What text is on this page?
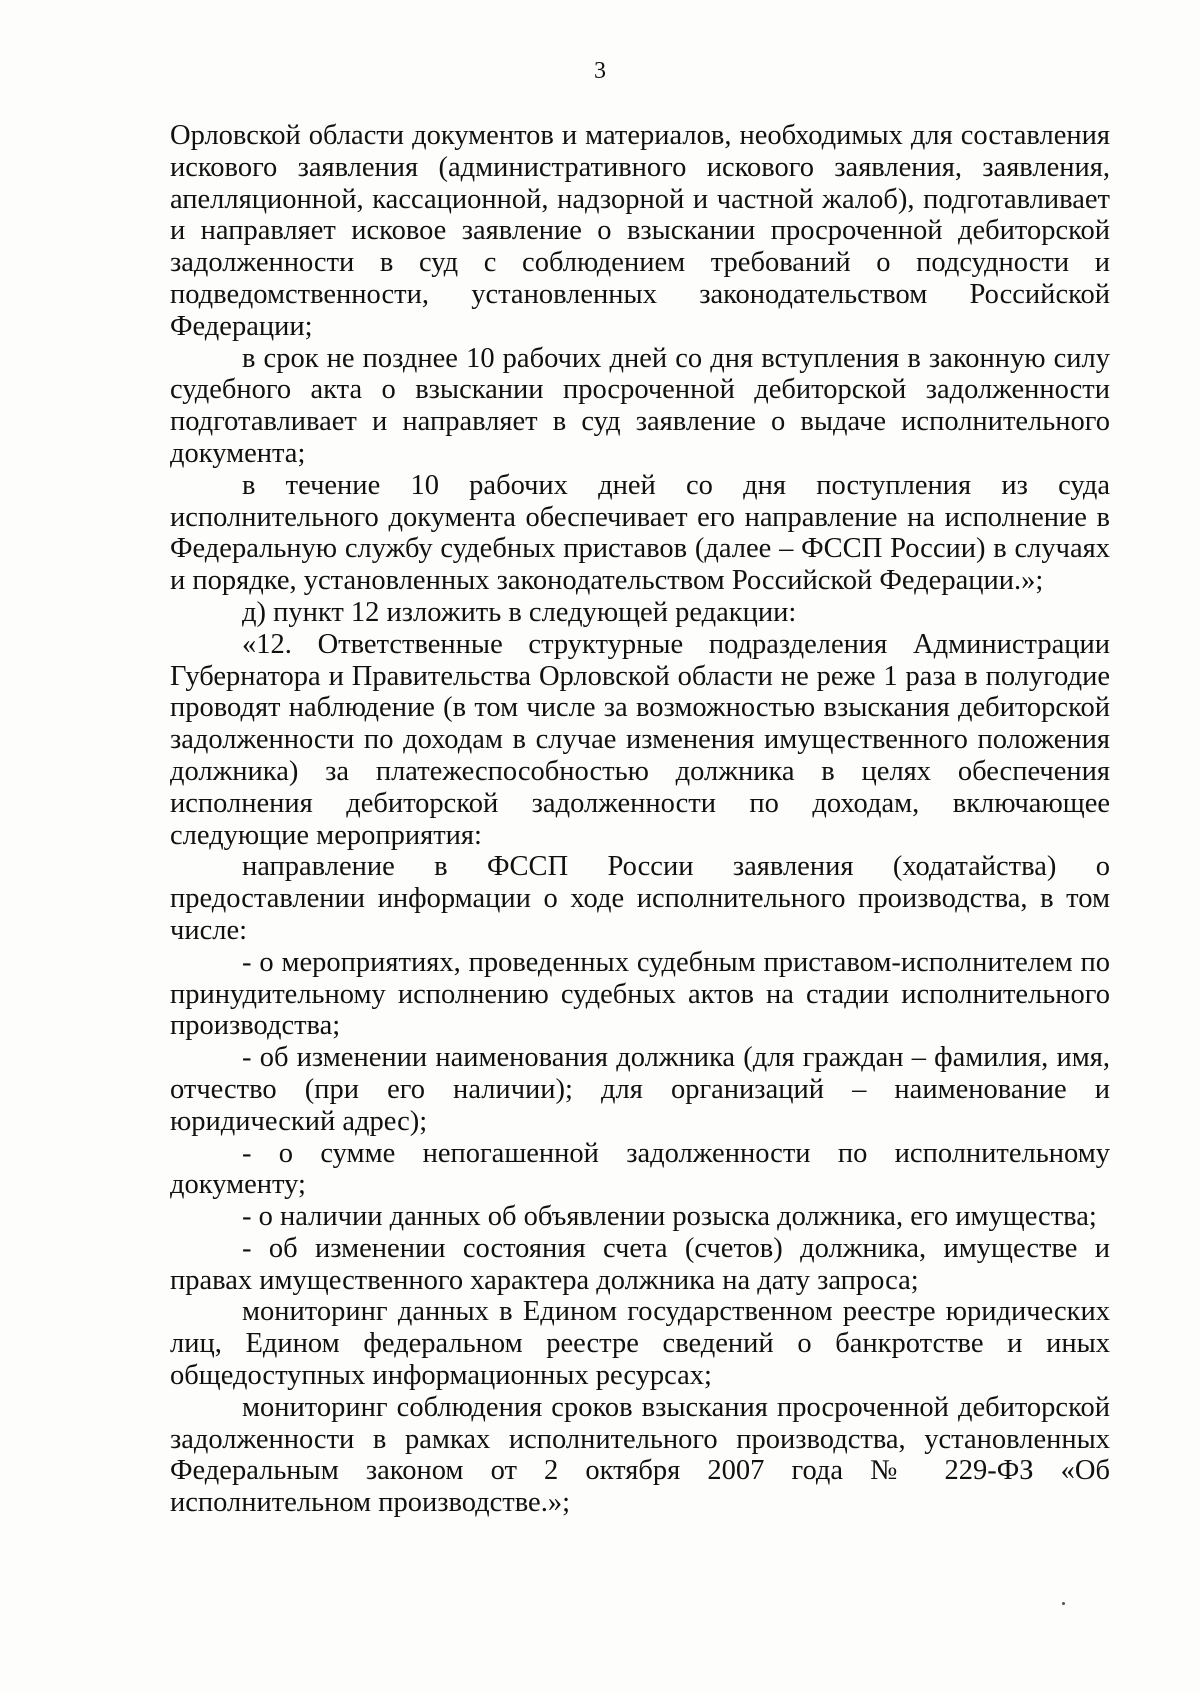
3

Орловской области документов и материалов, необходимых для составления искового заявления (административного искового заявления, заявления, апелляционной, кассационной, надзорной и частной жалоб), подготавливает и направляет исковое заявление о взыскании просроченной дебиторской задолженности в суд с соблюдением требований о подсудности и подведомственности, установленных законодательством Российской Федерации;

в срок не позднее 10 рабочих дней со дня вступления в законную силу судебного акта о взыскании просроченной дебиторской задолженности подготавливает и направляет в суд заявление о выдаче исполнительного документа;

в течение 10 рабочих дней со дня поступления из суда исполнительного документа обеспечивает его направление на исполнение в Федеральную службу судебных приставов (далее – ФССП России) в случаях и порядке, установленных законодательством Российской Федерации.»;

д) пункт 12 изложить в следующей редакции:

«12. Ответственные структурные подразделения Администрации Губернатора и Правительства Орловской области не реже 1 раза в полугодие проводят наблюдение (в том числе за возможностью взыскания дебиторской задолженности по доходам в случае изменения имущественного положения должника) за платежеспособностью должника в целях обеспечения исполнения дебиторской задолженности по доходам, включающее следующие мероприятия:

направление в ФССП России заявления (ходатайства) о предоставлении информации о ходе исполнительного производства, в том числе:

- о мероприятиях, проведенных судебным приставом-исполнителем по принудительному исполнению судебных актов на стадии исполнительного производства;

- об изменении наименования должника (для граждан – фамилия, имя, отчество (при его наличии); для организаций – наименование и юридический адрес);

- о сумме непогашенной задолженности по исполнительному документу;

- о наличии данных об объявлении розыска должника, его имущества;

- об изменении состояния счета (счетов) должника, имуществе и правах имущественного характера должника на дату запроса;

мониторинг данных в Едином государственном реестре юридических лиц, Едином федеральном реестре сведений о банкротстве и иных общедоступных информационных ресурсах;

мониторинг соблюдения сроков взыскания просроченной дебиторской задолженности в рамках исполнительного производства, установленных Федеральным законом от 2 октября 2007 года № 229-ФЗ «Об исполнительном производстве.»;
